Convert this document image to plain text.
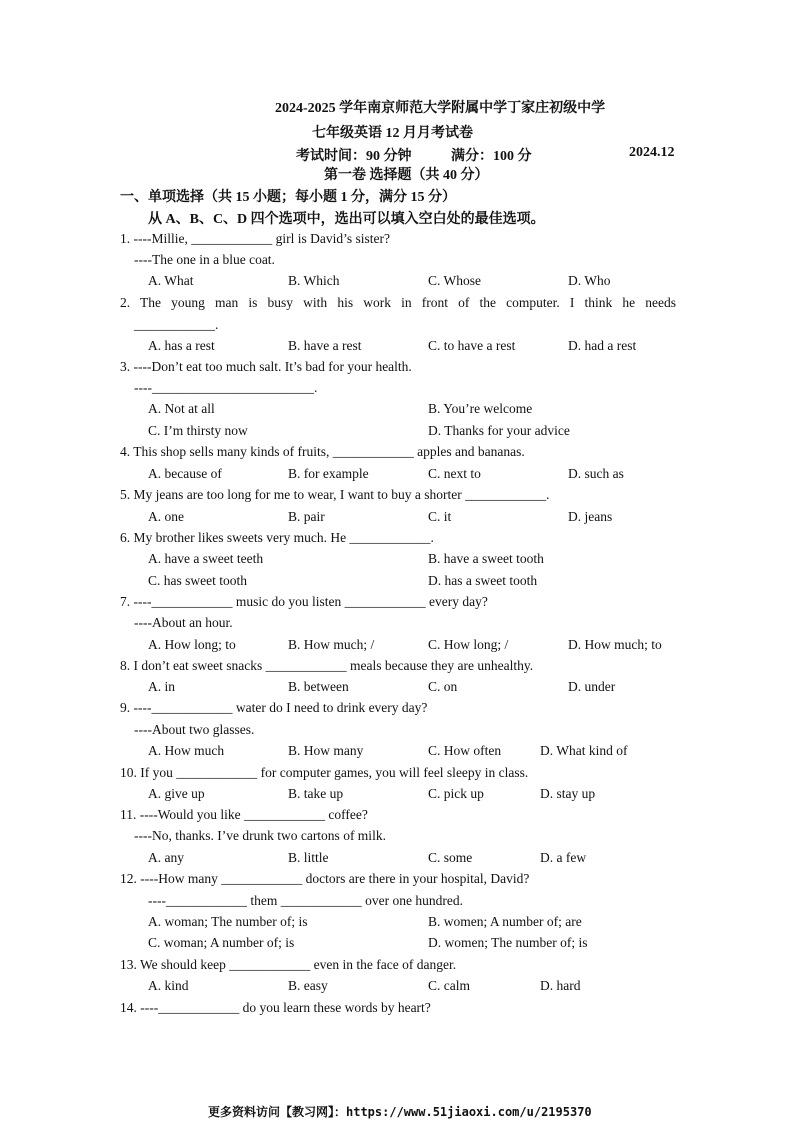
2024-2025 学年南京师范大学附属中学丁家庄初级中学
七年级英语 12 月月考试卷
考试时间：90 分钟	满分：100 分	2024.12
第一卷 选择题（共 40 分）
一、单项选择（共 15 小题；每小题 1 分，满分 15 分）
从 A、B、C、D 四个选项中，选出可以填入空白处的最佳选项。
1. ----Millie, ____________ girl is David’s sister?
----The one in a blue coat.
A. What	B. Which	C. Whose	D. Who
2. The young man is busy with his work in front of the computer. I think he needs
____________.
A. has a rest	B. have a rest	C. to have a rest	D. had a rest
3. ----Don’t eat too much salt. It’s bad for your health.
----________________________.
A. Not at all	B. You’re welcome
C. I’m thirsty now	D. Thanks for your advice
4. This shop sells many kinds of fruits, ____________ apples and bananas.
A. because of	B. for example	C. next to	D. such as
5. My jeans are too long for me to wear, I want to buy a shorter ____________.
A. one	B. pair	C. it	D. jeans
6. My brother likes sweets very much. He ____________.
A. have a sweet teeth	B. have a sweet tooth
C. has sweet tooth	D. has a sweet tooth
7. ----____________ music do you listen ____________ every day?
----About an hour.
A. How long; to	B. How much; /	C. How long; /	D. How much; to
8. I don’t eat sweet snacks ____________ meals because they are unhealthy.
A. in	B. between	C. on	D. under
9. ----____________ water do I need to drink every day?
----About two glasses.
A. How much	B. How many	C. How often	D. What kind of
10. If you ____________ for computer games, you will feel sleepy in class.
A. give up	B. take up	C. pick up	D. stay up
11. ----Would you like ____________ coffee?
----No, thanks. I’ve drunk two cartons of milk.
A. any	B. little	C. some	D. a few
12. ----How many ____________ doctors are there in your hospital, David?
----____________ them ____________ over one hundred.
A. woman; The number of; is	B. women; A number of; are
C. woman; A number of; is	D. women; The number of; is
13. We should keep ____________ even in the face of danger.
A. kind	B. easy	C. calm	D. hard
14. ----____________ do you learn these words by heart?
更多资料访问【教习网】：https://www.51jiaoxi.com/u/2195370
